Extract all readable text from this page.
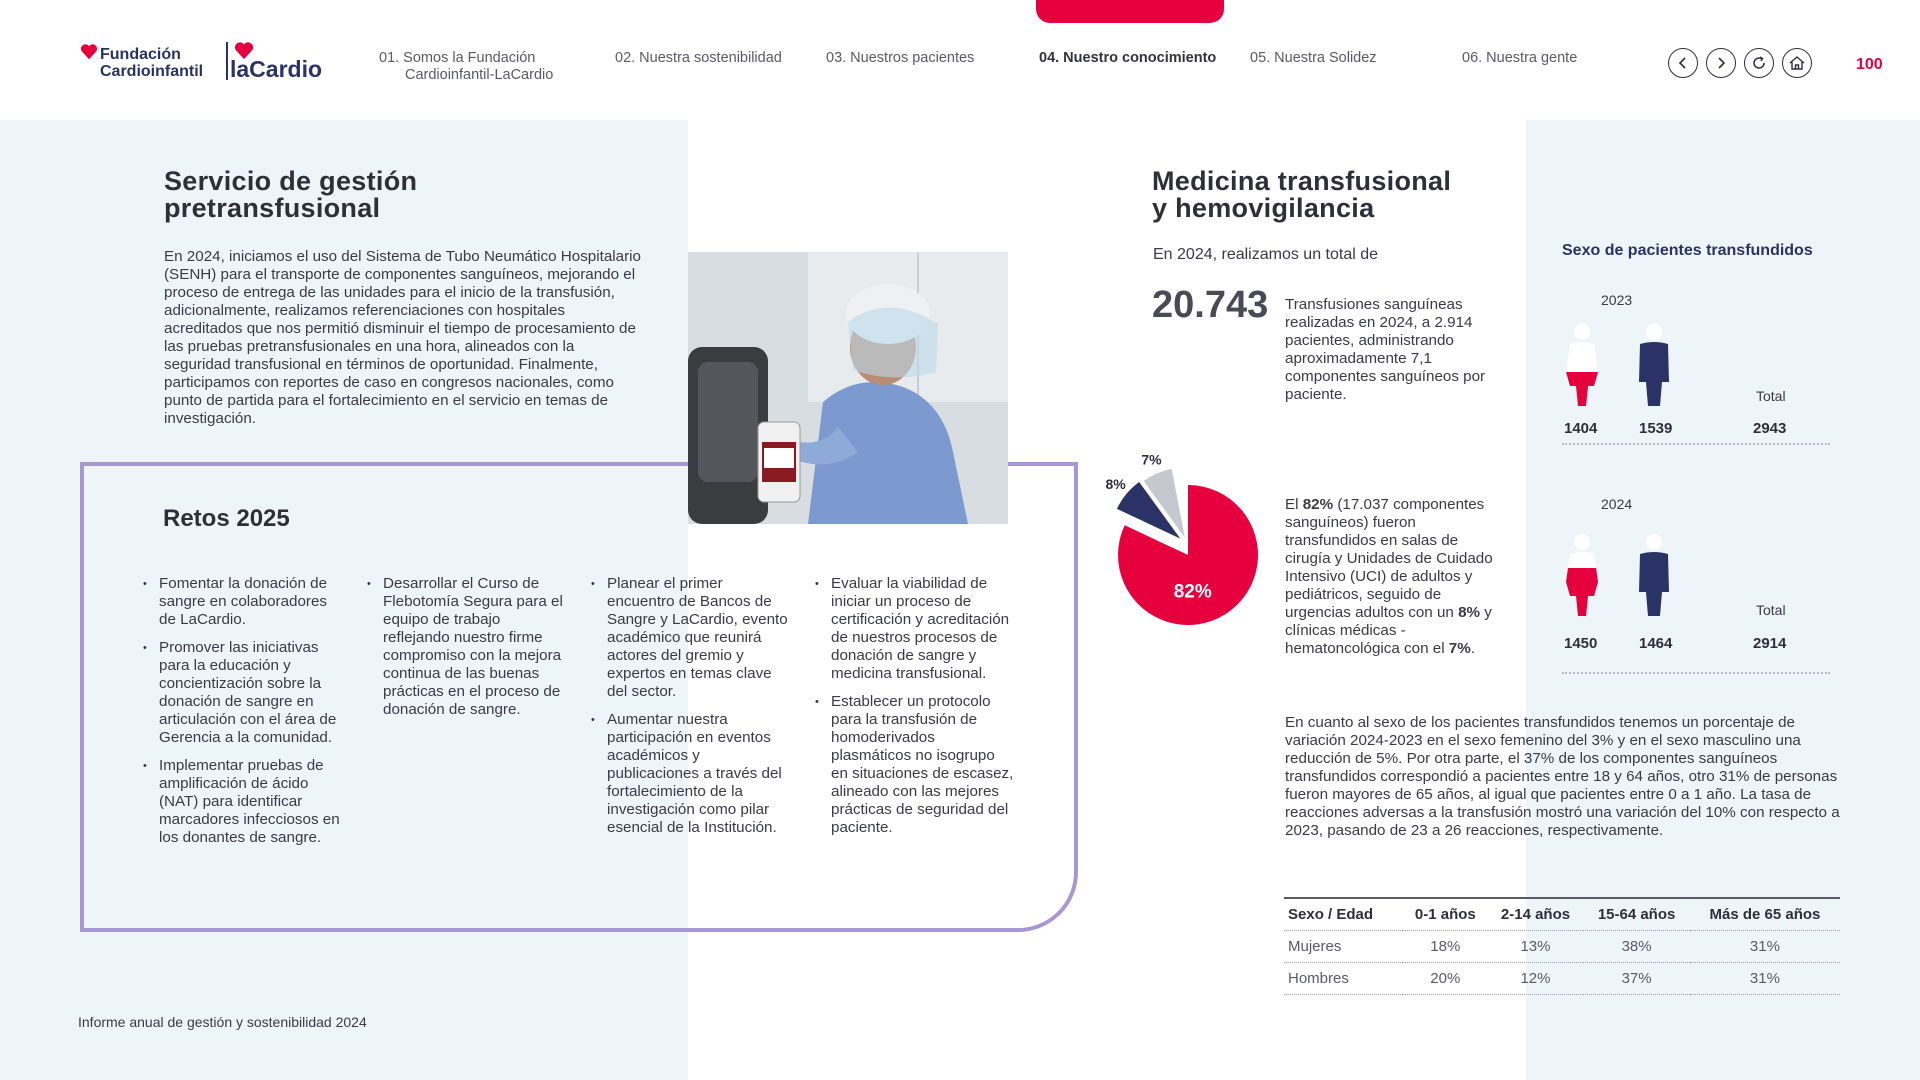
Fundación
Cardioinfantil laCardio	01. Somos la Fundación
Cardioinfantil-LaCardio
02. Nuestra sostenibilidad	03. Nuestros pacientes	04. Nuestro conocimiento 05. Nuestra Solidez	06. Nuestra gente	100
Servicio de gestión
pretransfusional

En 2024, iniciamos el uso del Sistema de Tubo Neumático Hospitalario (SENH) para el transporte de componentes sanguíneos, mejorando el proceso de entrega de las unidades para el inicio de la transfusión, adicionalmente, realizamos referenciaciones con hospitales acreditados que nos permitió disminuir el tiempo de procesamiento de las pruebas pretransfusionales en una hora, alineados con la seguridad transfusional en términos de oportunidad. Finalmente, participamos con reportes de caso en congresos nacionales, como punto de partida para el fortalecimiento en el servicio en temas de investigación.

Retos 2025
• Fomentar la donación de sangre en colaboradores de LaCardio.
• Promover las iniciativas para la educación y concientización sobre la donación de sangre en articulación con el área de Gerencia a la comunidad.
• Implementar pruebas de amplificación de ácido (NAT) para identificar marcadores infecciosos en los donantes de sangre.
• Desarrollar el Curso de Flebotomía Segura para el equipo de trabajo reflejando nuestro firme compromiso con la mejora continua de las buenas prácticas en el proceso de donación de sangre.
• Planear el primer encuentro de Bancos de Sangre y LaCardio, evento académico que reunirá actores del gremio y expertos en temas clave del sector.
• Aumentar nuestra participación en eventos académicos y publicaciones a través del fortalecimiento de la investigación como pilar esencial de la Institución.
• Evaluar la viabilidad de iniciar un proceso de certificación y acreditación de nuestros procesos de donación de sangre y medicina transfusional.
• Establecer un protocolo para la transfusión de homoderivados plasmáticos no isogrupo en situaciones de escasez, alineado con las mejores prácticas de seguridad del paciente.
Medicina transfusional
y hemovigilancia
En 2024, realizamos un total de
20.743 Transfusiones sanguíneas realizadas en 2024, a 2.914 pacientes, administrando aproximadamente 7,1 componentes sanguíneos por paciente.

82%
8%
7%

El 82% (17.037 componentes sanguíneos) fueron transfundidos en salas de cirugía y Unidades de Cuidado Intensivo (UCI) de adultos y pediátricos, seguido de urgencias adultos con un 8% y clínicas médicas - hematoncológica con el 7%.

En cuanto al sexo de los pacientes transfundidos tenemos un porcentaje de variación 2024-2023 en el sexo femenino del 3% y en el sexo masculino una reducción de 5%. Por otra parte, el 37% de los componentes sanguíneos transfundidos correspondió a pacientes entre 18 y 64 años, otro 31% de personas fueron mayores de 65 años, al igual que pacientes entre 0 a 1 año. La tasa de reacciones adversas a la transfusión mostró una variación del 10% con respecto a 2023, pasando de 23 a 26 reacciones, respectivamente.

Sexo de pacientes transfundidos
2023
1404	1539
Total
2943
2024
1450	1464
Total
2914
Sexo / Edad	0-1 años	2-14 años	15-64 años	Más de 65 años
Mujeres	18%	13%	38%	31%
Hombres	20%	12%	37%	31%
Informe anual de gestión y sostenibilidad 2024
